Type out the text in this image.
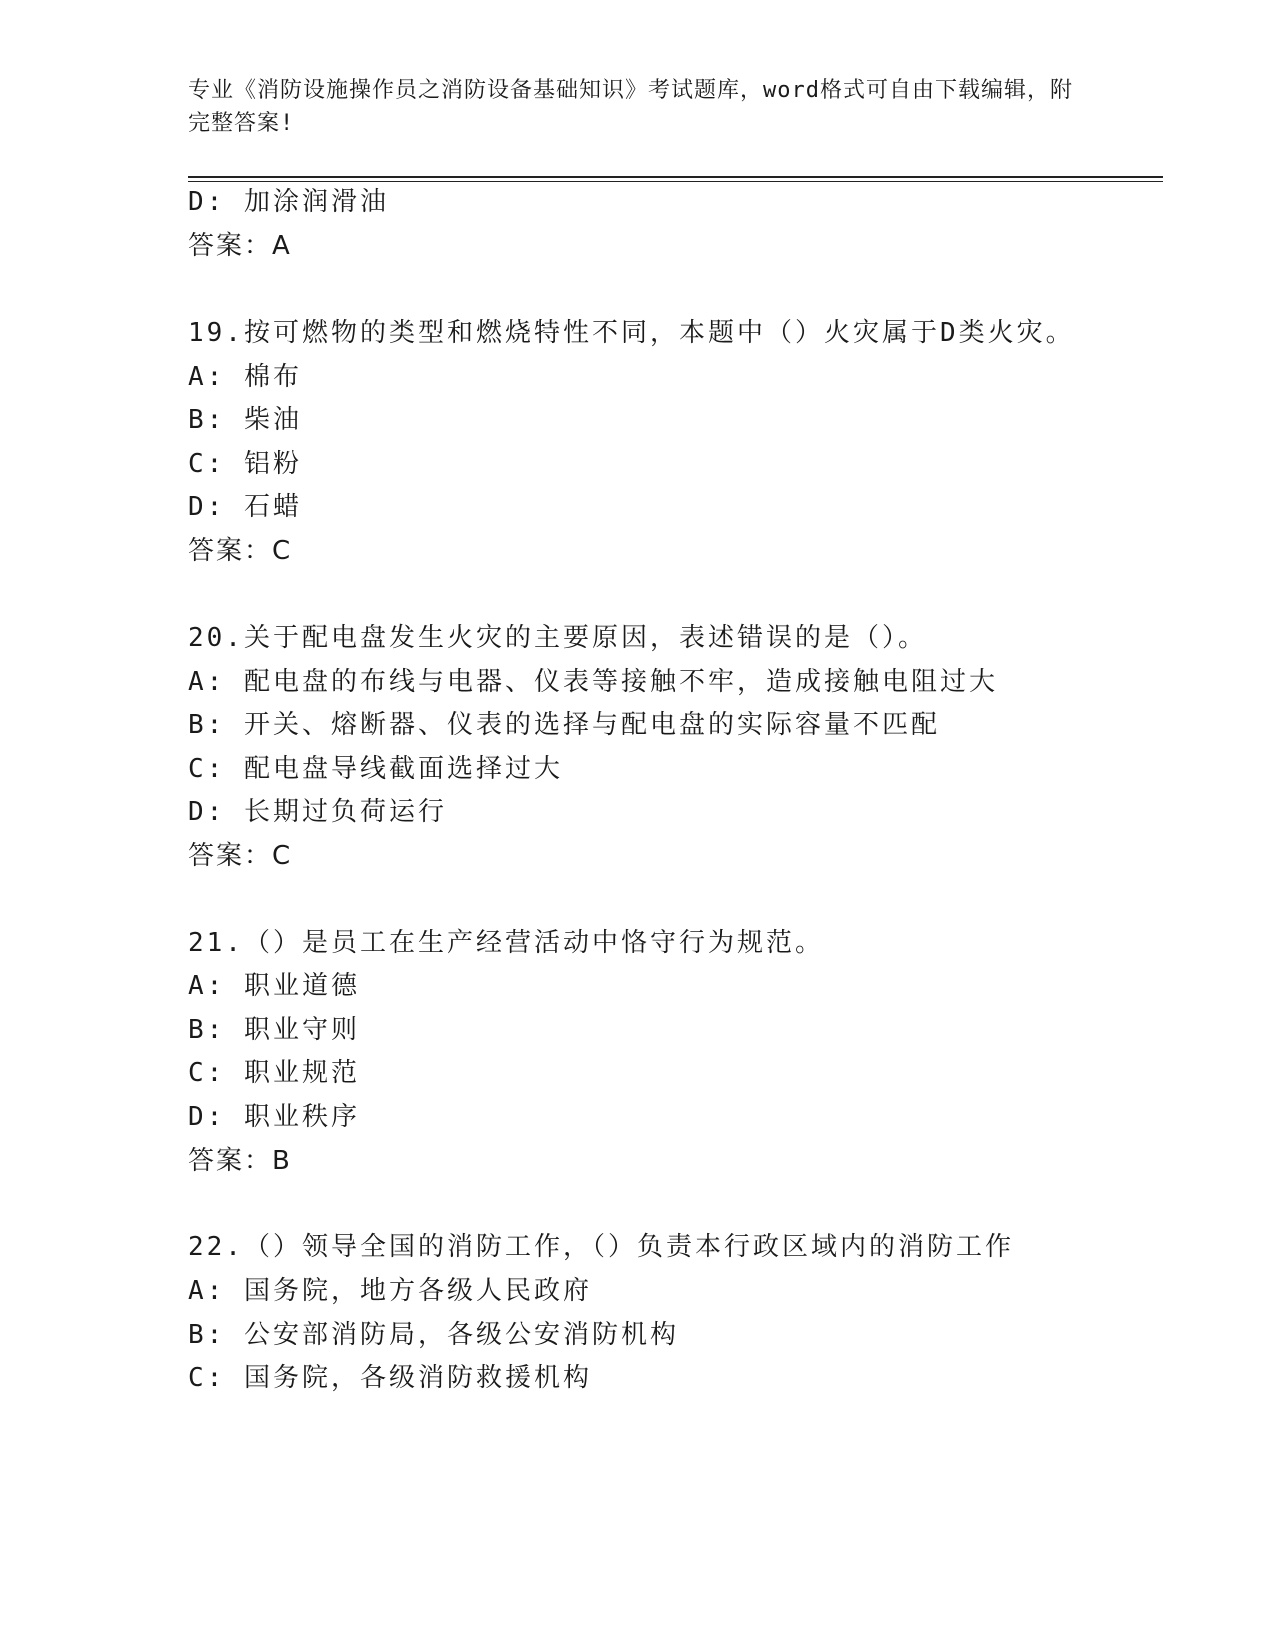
专业《消防设施操作员之消防设备基础知识》考试题库，word格式可自由下载编辑，附完整答案!
D: 加涂润滑油
答案：A
19.按可燃物的类型和燃烧特性不同，本题中（）火灾属于D类火灾。
A: 棉布
B: 柴油
C: 铝粉
D: 石蜡
答案：C
20.关于配电盘发生火灾的主要原因，表述错误的是（）。
A: 配电盘的布线与电器、仪表等接触不牢，造成接触电阻过大
B: 开关、熔断器、仪表的选择与配电盘的实际容量不匹配
C: 配电盘导线截面选择过大
D: 长期过负荷运行
答案：C
21.（）是员工在生产经营活动中恪守行为规范。
A: 职业道德
B: 职业守则
C: 职业规范
D: 职业秩序
答案：B
22.（）领导全国的消防工作，（）负责本行政区域内的消防工作
A: 国务院，地方各级人民政府
B: 公安部消防局，各级公安消防机构
C: 国务院，各级消防救援机构
